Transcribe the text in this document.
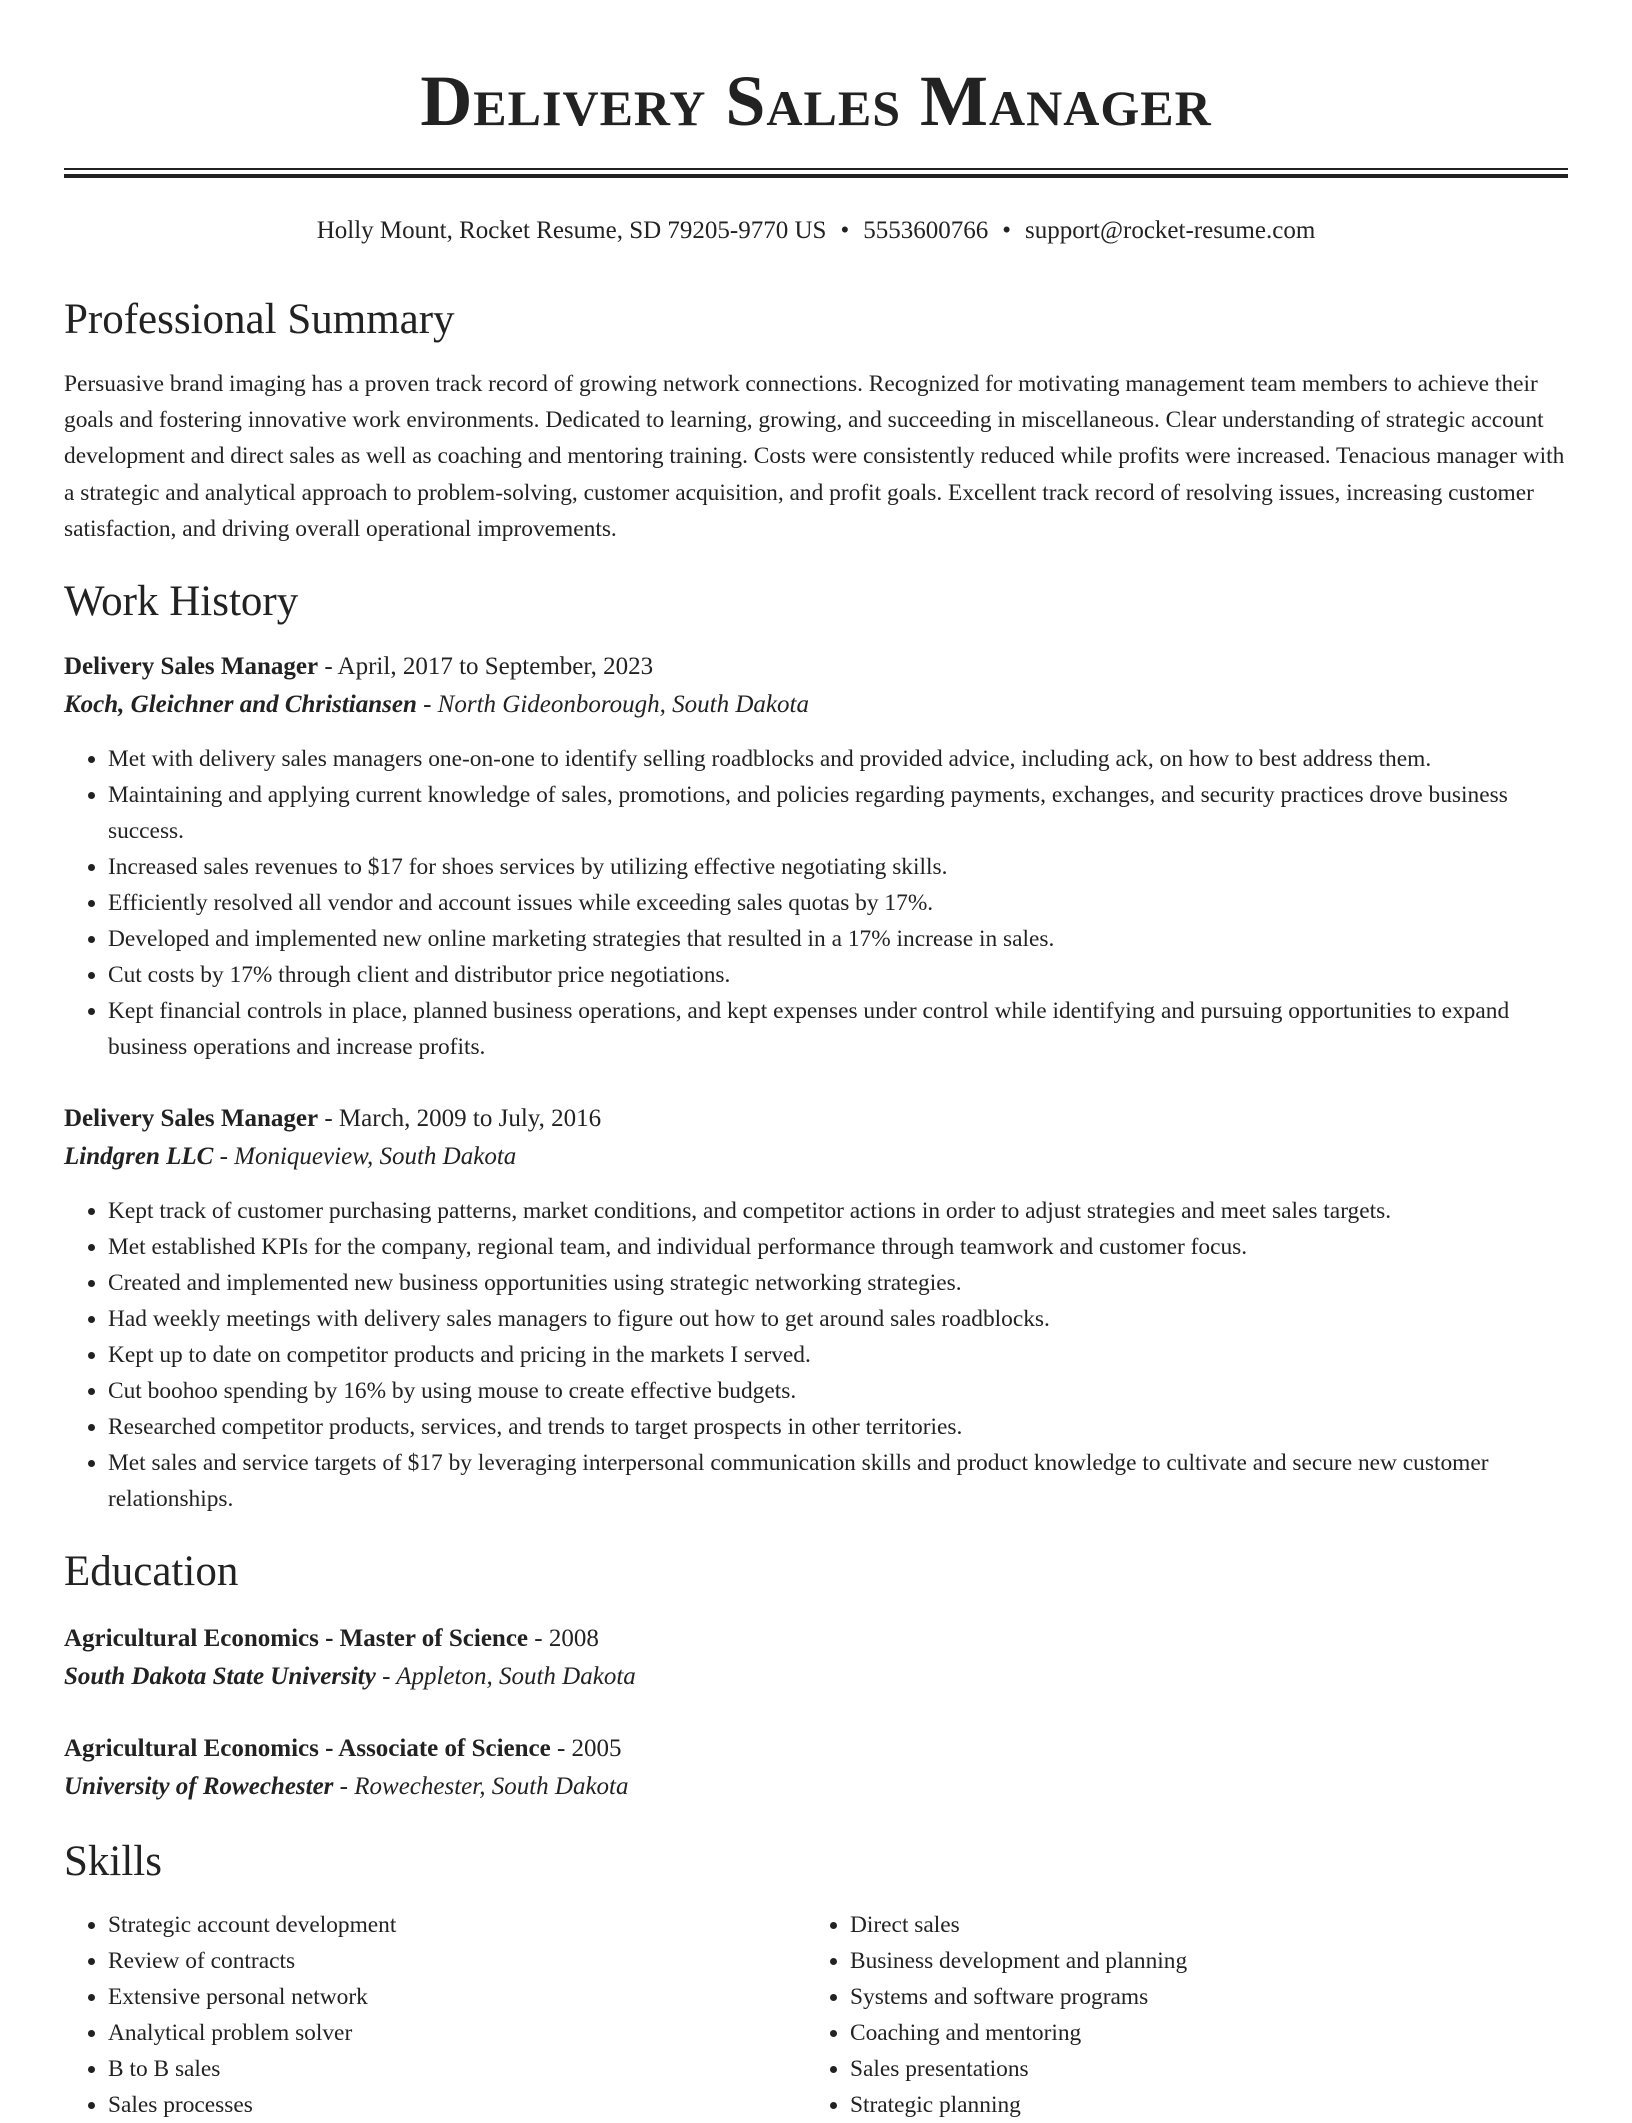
Delivery Sales Manager
Holly Mount, Rocket Resume, SD 79205-9770 US • 5553600766 • support@rocket-resume.com
Professional Summary

Persuasive brand imaging has a proven track record of growing network connections. Recognized for motivating management team members to achieve their goals and fostering innovative work environments. Dedicated to learning, growing, and succeeding in miscellaneous. Clear understanding of strategic account development and direct sales as well as coaching and mentoring training. Costs were consistently reduced while profits were increased. Tenacious manager with a strategic and analytical approach to problem-solving, customer acquisition, and profit goals. Excellent track record of resolving issues, increasing customer satisfaction, and driving overall operational improvements.

Work History
Delivery Sales Manager - April, 2017 to September, 2023
Koch, Gleichner and Christiansen - North Gideonborough, South Dakota
• Met with delivery sales managers one-on-one to identify selling roadblocks and provided advice, including ack, on how to best address them.
• Maintaining and applying current knowledge of sales, promotions, and policies regarding payments, exchanges, and security practices drove business success.
• Increased sales revenues to $17 for shoes services by utilizing effective negotiating skills.
• Efficiently resolved all vendor and account issues while exceeding sales quotas by 17%.
• Developed and implemented new online marketing strategies that resulted in a 17% increase in sales.
• Cut costs by 17% through client and distributor price negotiations.
• Kept financial controls in place, planned business operations, and kept expenses under control while identifying and pursuing opportunities to expand business operations and increase profits.
Delivery Sales Manager - March, 2009 to July, 2016
Lindgren LLC - Moniqueview, South Dakota
• Kept track of customer purchasing patterns, market conditions, and competitor actions in order to adjust strategies and meet sales targets.
• Met established KPIs for the company, regional team, and individual performance through teamwork and customer focus.
• Created and implemented new business opportunities using strategic networking strategies.
• Had weekly meetings with delivery sales managers to figure out how to get around sales roadblocks.
• Kept up to date on competitor products and pricing in the markets I served.
• Cut boohoo spending by 16% by using mouse to create effective budgets.
• Researched competitor products, services, and trends to target prospects in other territories.
• Met sales and service targets of $17 by leveraging interpersonal communication skills and product knowledge to cultivate and secure new customer relationships.
Education
Agricultural Economics - Master of Science - 2008
South Dakota State University - Appleton, South Dakota
Agricultural Economics - Associate of Science - 2005
University of Rowechester - Rowechester, South Dakota
Skills
• Strategic account development
• Review of contracts
• Extensive personal network
• Analytical problem solver
• B to B sales
• Sales processes
• Direct sales
• Business development and planning
• Systems and software programs
• Coaching and mentoring
• Sales presentations
• Strategic planning
